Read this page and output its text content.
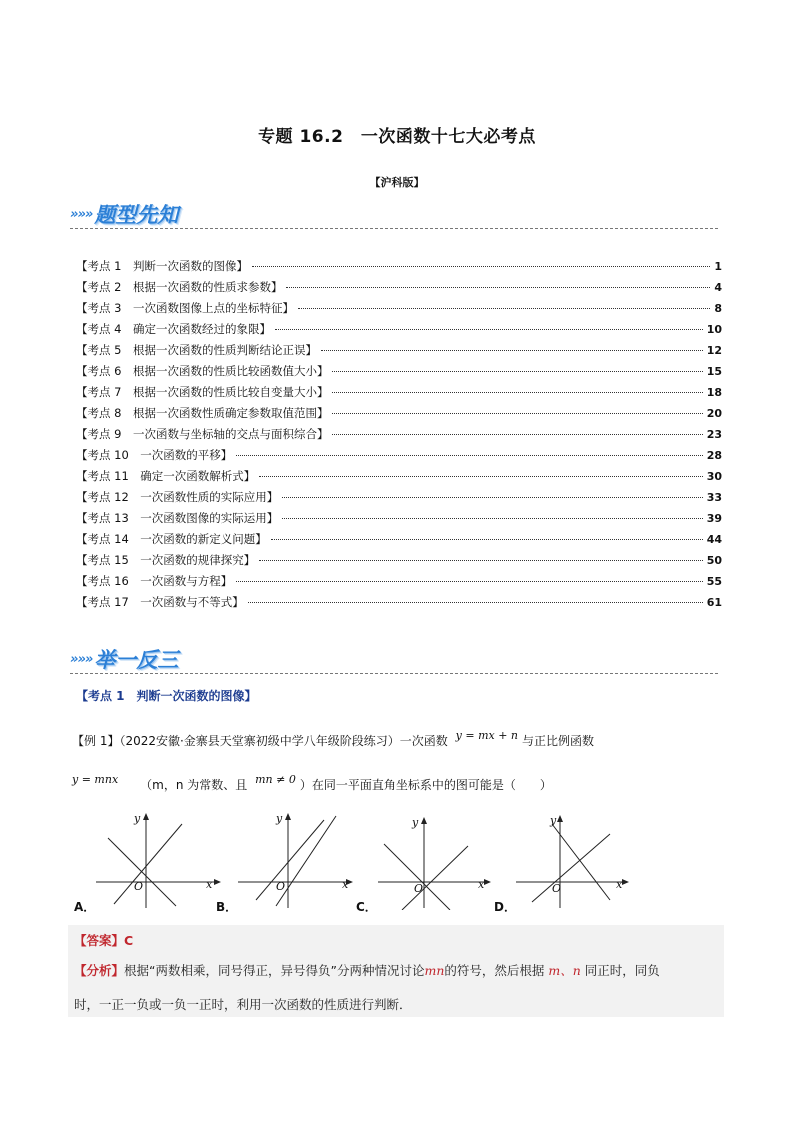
专题 16.2　一次函数十七大必考点
【沪科版】
»»» 题型先知
【考点 1　判断一次函数的图像】	1
【考点 2　根据一次函数的性质求参数】	4
【考点 3　一次函数图像上点的坐标特征】	8
【考点 4　确定一次函数经过的象限】	10
【考点 5　根据一次函数的性质判断结论正误】	12
【考点 6　根据一次函数的性质比较函数值大小】	15
【考点 7　根据一次函数的性质比较自变量大小】	18
【考点 8　根据一次函数性质确定参数取值范围】	20
【考点 9　一次函数与坐标轴的交点与面积综合】	23
【考点 10　一次函数的平移】	28
【考点 11　确定一次函数解析式】	30
【考点 12　一次函数性质的实际应用】	33
【考点 13　一次函数图像的实际运用】	39
【考点 14　一次函数的新定义问题】	44
【考点 15　一次函数的规律探究】	50
【考点 16　一次函数与方程】	55
【考点 17　一次函数与不等式】	61
»»» 举一反三
【考点 1　判断一次函数的图像】
【例 1】（2022安徽·金寨县天堂寨初级中学八年级阶段练习）一次函数 y = mx + n 与正比例函数
y = mnx （m，n 为常数、且 mn ≠ 0 ）在同一平面直角坐标系中的图可能是（　　）
O	x
y
A．
O	x
y
B．
O	x
y
C．
O	x
y
D．
【答案】C
【分析】根据“两数相乘，同号得正，异号得负”分两种情况讨论mn的符号，然后根据 m、n 同正时，同负
时，一正一负或一负一正时，利用一次函数的性质进行判断．
